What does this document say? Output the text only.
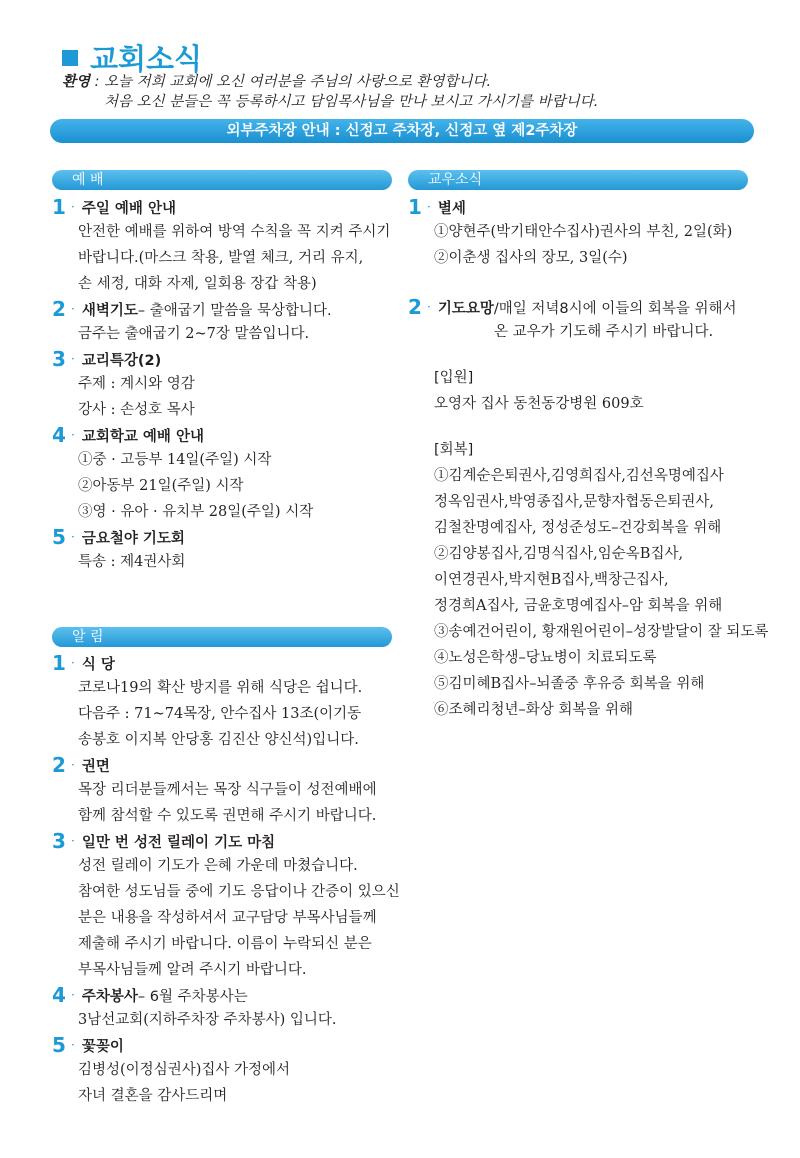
교회소식
환영 : 오늘 저희 교회에 오신 여러분을 주님의 사랑으로 환영합니다.
처음 오신 분들은 꼭 등록하시고 담임목사님을 만나 보시고 가시기를 바랍니다.
외부주차장 안내 : 신정고 주차장, 신정고 옆 제2주차장
예 배
1 · 주일 예배 안내
안전한 예배를 위하여 방역 수칙을 꼭 지켜 주시기
바랍니다.(마스크 착용, 발열 체크, 거리 유지,
손 세정, 대화 자제, 일회용 장갑 착용)
2 · 새벽기도 – 출애굽기 말씀을 묵상합니다.
금주는 출애굽기 2~7장 말씀입니다.
3 · 교리특강(2)
주제 : 계시와 영감
강사 : 손성호 목사
4 · 교회학교 예배 안내
①중 · 고등부 14일(주일) 시작
②아동부 21일(주일) 시작
③영 · 유아 · 유치부 28일(주일) 시작
5 · 금요철야 기도회
특송 : 제4권사회
알 림
1 · 식 당
코로나19의 확산 방지를 위해 식당은 쉽니다.
다음주 : 71~74목장, 안수집사 13조(이기동
송봉호 이지복 안당홍 김진산 양신석)입니다.
2 · 권면
목장 리더분들께서는 목장 식구들이 성전예배에
함께 참석할 수 있도록 권면해 주시기 바랍니다.
3 · 일만 번 성전 릴레이 기도 마침
성전 릴레이 기도가 은혜 가운데 마쳤습니다.
참여한 성도님들 중에 기도 응답이나 간증이 있으신
분은 내용을 작성하셔서 교구담당 부목사님들께
제출해 주시기 바랍니다. 이름이 누락되신 분은
부목사님들께 알려 주시기 바랍니다.
4 · 주차봉사 – 6월 주차봉사는
3남선교회(지하주차장 주차봉사) 입니다.
5 · 꽃꽂이
김병성(이정심권사)집사 가정에서
자녀 결혼을 감사드리며
교우소식
1 · 별세
①양현주(박기태안수집사)권사의 부친, 2일(화)
②이춘생 집사의 장모, 3일(수)
2 · 기도요망 /매일 저녁8시에 이들의 회복을 위해서
온 교우가 기도해 주시기 바랍니다.
[입원]
오영자 집사 동천동강병원 609호
[회복]
①김계순은퇴권사,김영희집사,김선옥명예집사
정옥임권사,박영종집사,문향자협동은퇴권사,
김철찬명예집사, 정성준성도–건강회복을 위해
②김양봉집사,김명식집사,임순옥B집사,
이연경권사,박지현B집사,백창근집사,
정경희A집사, 금윤호명예집사–암 회복을 위해
③송예건어린이, 황재원어린이–성장발달이 잘 되도록
④노성은학생–당뇨병이 치료되도록
⑤김미혜B집사–뇌졸중 후유증 회복을 위해
⑥조혜리청년–화상 회복을 위해
